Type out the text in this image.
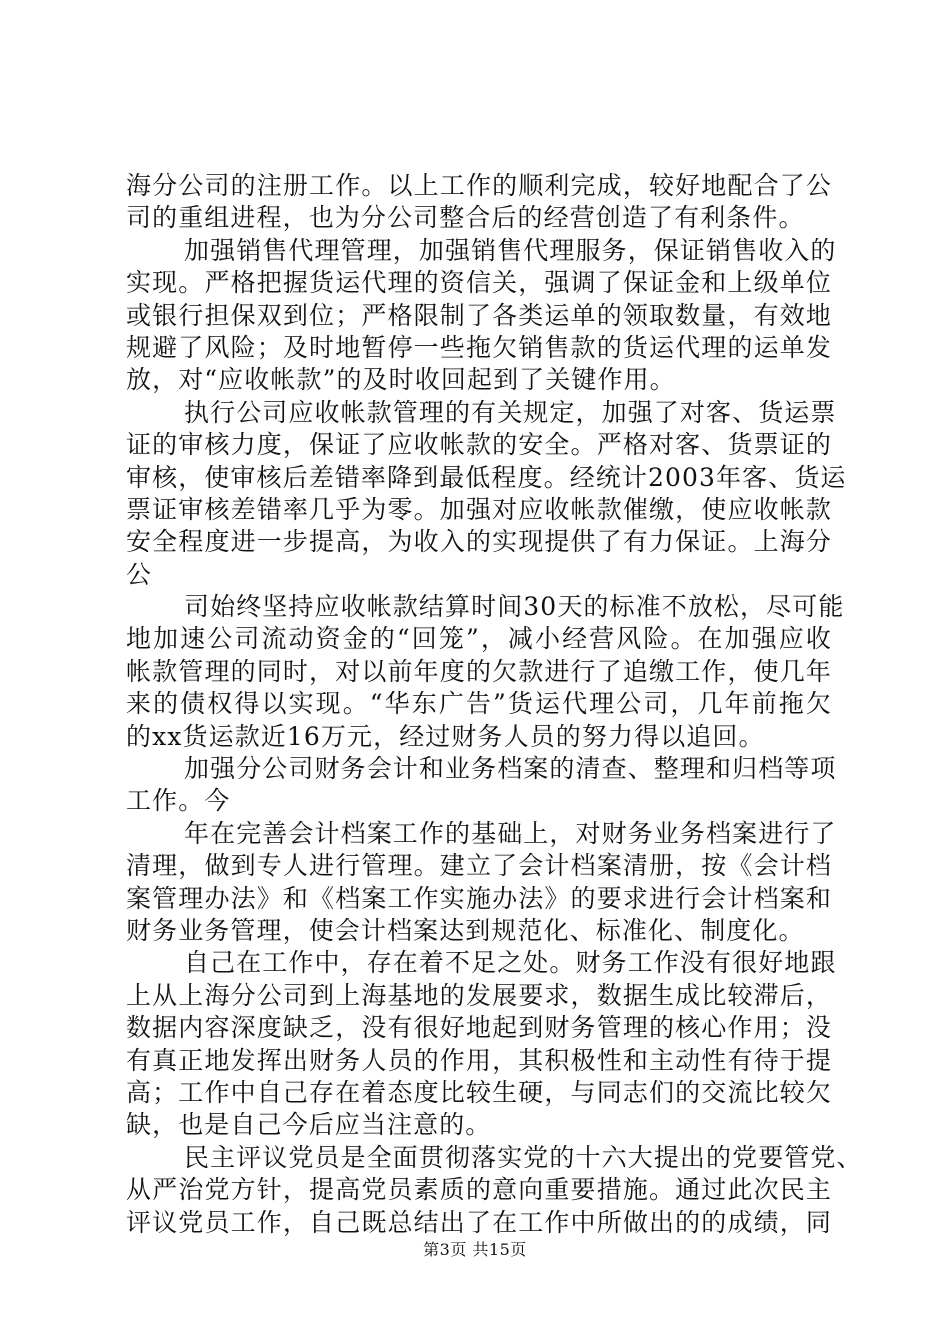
海分公司的注册工作。以上工作的顺利完成，较好地配合了公
司的重组进程，也为分公司整合后的经营创造了有利条件。
加强销售代理管理，加强销售代理服务，保证销售收入的
实现。严格把握货运代理的资信关，强调了保证金和上级单位
或银行担保双到位；严格限制了各类运单的领取数量，有效地
规避了风险；及时地暂停一些拖欠销售款的货运代理的运单发
放，对“应收帐款”的及时收回起到了关键作用。
执行公司应收帐款管理的有关规定，加强了对客、货运票
证的审核力度，保证了应收帐款的安全。严格对客、货票证的
审核，使审核后差错率降到最低程度。经统计2003年客、货运
票证审核差错率几乎为零。加强对应收帐款催缴，使应收帐款
安全程度进一步提高，为收入的实现提供了有力保证。上海分
公
司始终坚持应收帐款结算时间30天的标准不放松，尽可能
地加速公司流动资金的“回笼”，减小经营风险。在加强应收
帐款管理的同时，对以前年度的欠款进行了追缴工作，使几年
来的债权得以实现。“华东广告”货运代理公司，几年前拖欠
的xx货运款近16万元，经过财务人员的努力得以追回。
加强分公司财务会计和业务档案的清查、整理和归档等项
工作。今
年在完善会计档案工作的基础上，对财务业务档案进行了
清理，做到专人进行管理。建立了会计档案清册，按《会计档
案管理办法》和《档案工作实施办法》的要求进行会计档案和
财务业务管理，使会计档案达到规范化、标准化、制度化。
自己在工作中，存在着不足之处。财务工作没有很好地跟
上从上海分公司到上海基地的发展要求，数据生成比较滞后，
数据内容深度缺乏，没有很好地起到财务管理的核心作用；没
有真正地发挥出财务人员的作用，其积极性和主动性有待于提
高；工作中自己存在着态度比较生硬，与同志们的交流比较欠
缺，也是自己今后应当注意的。
民主评议党员是全面贯彻落实党的十六大提出的党要管党、
从严治党方针，提高党员素质的意向重要措施。通过此次民主
评议党员工作，自己既总结出了在工作中所做出的的成绩，同
第3页 共15页
